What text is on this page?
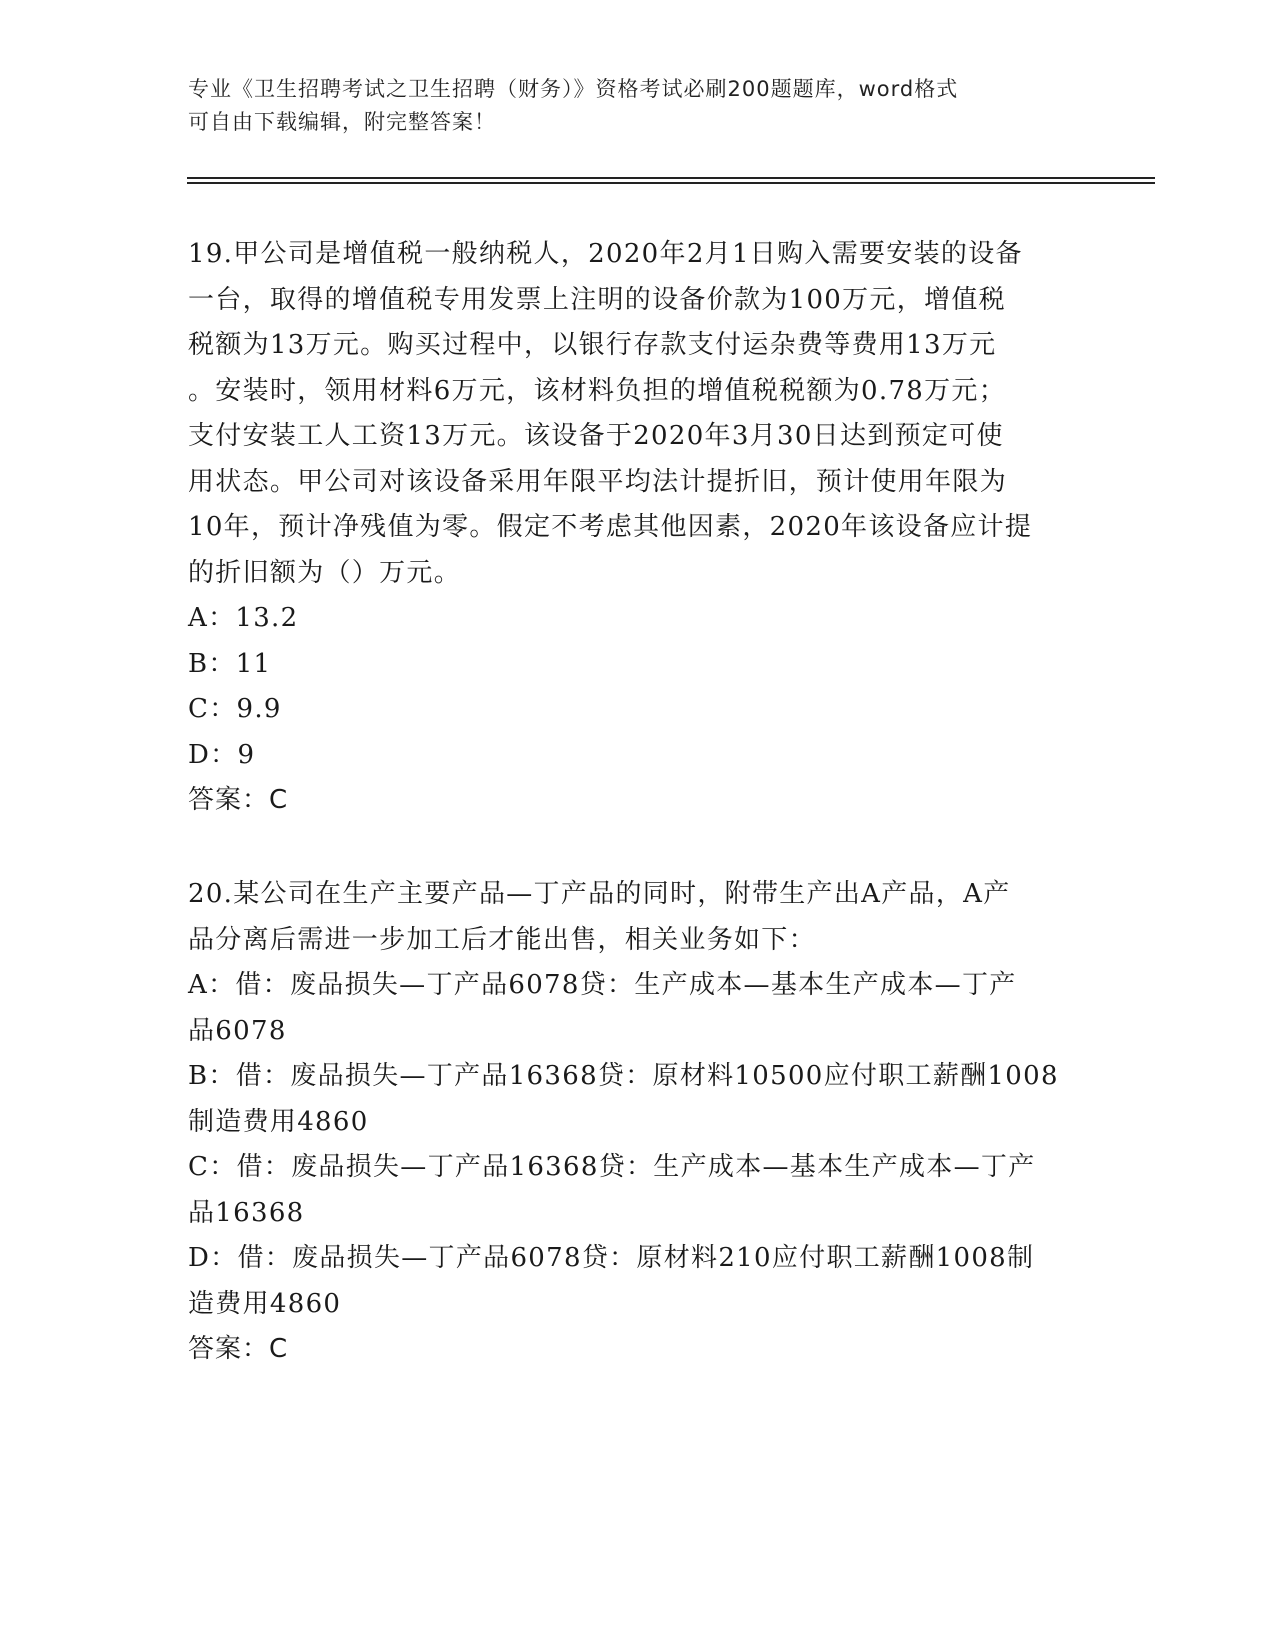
专业《卫生招聘考试之卫生招聘（财务）》资格考试必刷200题题库，word格式
可自由下载编辑，附完整答案！
19.甲公司是增值税一般纳税人，2020年2月1日购入需要安装的设备
一台，取得的增值税专用发票上注明的设备价款为100万元，增值税
税额为13万元。购买过程中，以银行存款支付运杂费等费用13万元
。安装时，领用材料6万元，该材料负担的增值税税额为0.78万元；
支付安装工人工资13万元。该设备于2020年3月30日达到预定可使
用状态。甲公司对该设备采用年限平均法计提折旧，预计使用年限为
10年，预计净残值为零。假定不考虑其他因素，2020年该设备应计提
的折旧额为（）万元。
A：13.2
B：11
C：9.9
D：9
答案：C
20.某公司在生产主要产品—丁产品的同时，附带生产出A产品，A产
品分离后需进一步加工后才能出售，相关业务如下：
A：借：废品损失—丁产品6078贷：生产成本—基本生产成本—丁产
品6078
B：借：废品损失—丁产品16368贷：原材料10500应付职工薪酬1008
制造费用4860
C：借：废品损失—丁产品16368贷：生产成本—基本生产成本—丁产
品16368
D：借：废品损失—丁产品6078贷：原材料210应付职工薪酬1008制
造费用4860
答案：C
